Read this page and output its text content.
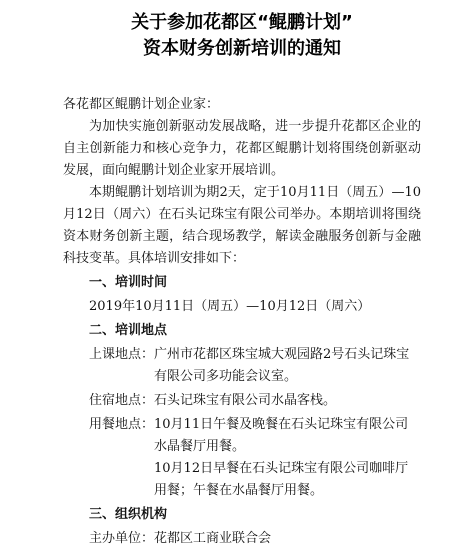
关于参加花都区“鲲鹏计划”
资本财务创新培训的通知

各花都区鲲鹏计划企业家：

为加快实施创新驱动发展战略，进一步提升花都区企业的自主创新能力和核心竞争力，花都区鲲鹏计划将围绕创新驱动发展，面向鲲鹏计划企业家开展培训。

本期鲲鹏计划培训为期2天，定于10月11日（周五）—10月12日（周六）在石头记珠宝有限公司举办。本期培训将围绕资本财务创新主题，结合现场教学，解读金融服务创新与金融科技变革。具体培训安排如下：

一、培训时间

2019年10月11日（周五）—10月12日（周六）

二、培训地点

上课地点： 广州市花都区珠宝城大观园路2号石头记珠宝有限公司多功能会议室。
住宿地点： 石头记珠宝有限公司水晶客栈。
用餐地点： 10月11日午餐及晚餐在石头记珠宝有限公司水晶餐厅用餐。
10月12日早餐在石头记珠宝有限公司咖啡厅用餐；午餐在水晶餐厅用餐。

三、组织机构

主办单位： 花都区工商业联合会
